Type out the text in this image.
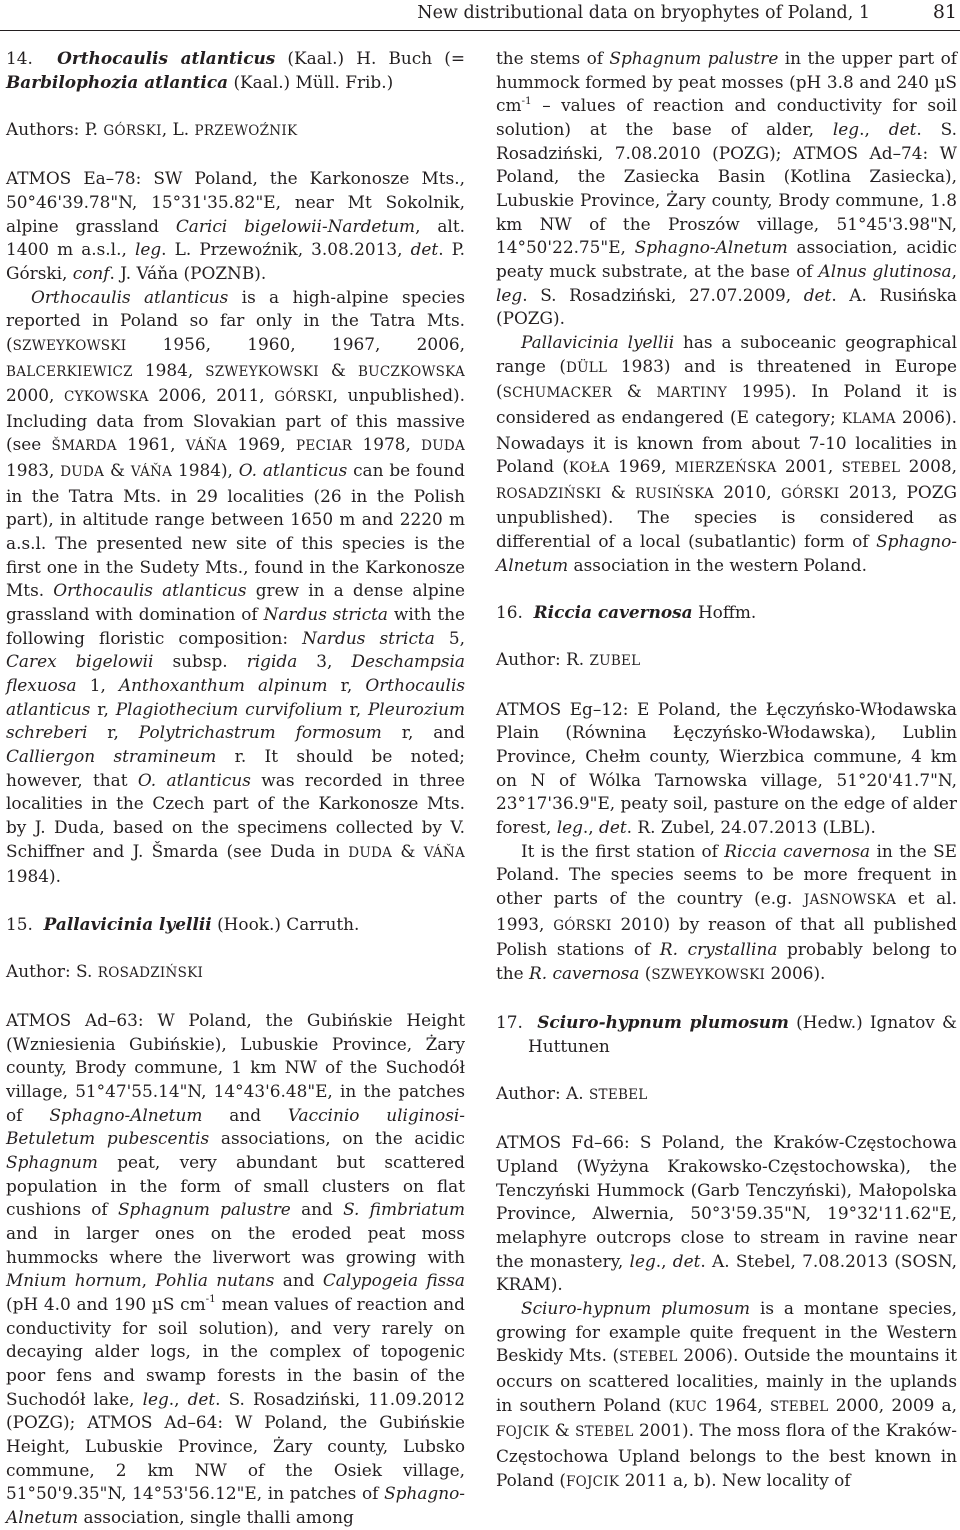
New distributional data on bryophytes of Poland, 1	81

14. Orthocaulis atlanticus (Kaal.) H. Buch (= Barbilophozia atlantica (Kaal.) Müll. Frib.)

Authors: P. GÓRSKI, L. PRZEWOŹNIK

ATMOS Ea–78: SW Poland, the Karkonosze Mts., 50°46'39.78"N, 15°31'35.82"E, near Mt Sokolnik, alpine grassland Carici bigelowii-Nardetum, alt. 1400 m a.s.l., leg. L. Przewoźnik, 3.08.2013, det. P. Górski, conf. J. Váňa (POZNB).

Orthocaulis atlanticus is a high-alpine species reported in Poland so far only in the Tatra Mts. (SZWEYKOWSKI 1956, 1960, 1967, 2006, BALCERKIEWICZ 1984, SZWEYKOWSKI & BUCZKOWSKA 2000, CYKOWSKA 2006, 2011, GÓRSKI, unpublished). Including data from Slovakian part of this massive (see ŠMARDA 1961, VÁŇA 1969, PECIAR 1978, DUDA 1983, DUDA & VÁŇA 1984), O. atlanticus can be found in the Tatra Mts. in 29 localities (26 in the Polish part), in altitude range between 1650 m and 2220 m a.s.l. The presented new site of this species is the first one in the Sudety Mts., found in the Karkonosze Mts. Orthocaulis atlanticus grew in a dense alpine grassland with domination of Nardus stricta with the following floristic composition: Nardus stricta 5, Carex bigelowii subsp. rigida 3, Deschampsia flexuosa 1, Anthoxanthum alpinum r, Orthocaulis atlanticus r, Plagiothecium curvifolium r, Pleurozium schreberi r, Polytrichastrum formosum r, and Calliergon stramineum r. It should be noted; however, that O. atlanticus was recorded in three localities in the Czech part of the Karkonosze Mts. by J. Duda, based on the specimens collected by V. Schiffner and J. Šmarda (see Duda in DUDA & VÁŇA 1984).

15. Pallavicinia lyellii (Hook.) Carruth.

Author: S. ROSADZIŃSKI

ATMOS Ad–63: W Poland, the Gubińskie Height (Wzniesienia Gubińskie), Lubuskie Province, Żary county, Brody commune, 1 km NW of the Suchodół village, 51°47'55.14"N, 14°43'6.48"E, in the patches of Sphagno-Alnetum and Vaccinio uliginosi-Betuletum pubescentis associations, on the acidic Sphagnum peat, very abundant but scattered population in the form of small clusters on flat cushions of Sphagnum palustre and S. fimbriatum and in larger ones on the eroded peat moss hummocks where the liverwort was growing with Mnium hornum, Pohlia nutans and Calypogeia fissa (pH 4.0 and 190 µS $cm^{-1}$ mean values of reaction and conductivity for soil solution), and very rarely on decaying alder logs, in the complex of topogenic poor fens and swamp forests in the basin of the Suchodół lake, leg., det. S. Rosadziński, 11.09.2012 (POZG); ATMOS Ad–64: W Poland, the Gubińskie Height, Lubuskie Province, Żary county, Lubsko commune, 2 km NW of the Osiek village, 51°50'9.35"N, 14°53'56.12"E, in patches of Sphagno-Alnetum association, single thalli among

the stems of Sphagnum palustre in the upper part of hummock formed by peat mosses (pH 3.8 and 240 µS $cm^{-1}$ – values of reaction and conductivity for soil solution) at the base of alder, leg., det. S. Rosadziński, 7.08.2010 (POZG); ATMOS Ad–74: W Poland, the Zasiecka Basin (Kotlina Zasiecka), Lubuskie Province, Żary county, Brody commune, 1.8 km NW of the Proszów village, 51°45'3.98"N, 14°50'22.75"E, Sphagno-Alnetum association, acidic peaty muck substrate, at the base of Alnus glutinosa, leg. S. Rosadziński, 27.07.2009, det. A. Rusińska (POZG).

Pallavicinia lyellii has a suboceanic geographical range (DÜLL 1983) and is threatened in Europe (SCHUMACKER & MARTINY 1995). In Poland it is considered as endangered (E category; KLAMA 2006). Nowadays it is known from about 7-10 localities in Poland (KOŁA 1969, MIERZEŃSKA 2001, STEBEL 2008, ROSADZIŃSKI & RUSIŃSKA 2010, GÓRSKI 2013, POZG unpublished). The species is considered as differential of a local (subatlantic) form of Sphagno-Alnetum association in the western Poland.

16. Riccia cavernosa Hoffm.

Author: R. ZUBEL

ATMOS Eg–12: E Poland, the Łęczyńsko-Włodawska Plain (Równina Łęczyńsko-Włodawska), Lublin Province, Chełm county, Wierzbica commune, 4 km on N of Wólka Tarnowska village, 51°20'41.7"N, 23°17'36.9"E, peaty soil, pasture on the edge of alder forest, leg., det. R. Zubel, 24.07.2013 (LBL).

It is the first station of Riccia cavernosa in the SE Poland. The species seems to be more frequent in other parts of the country (e.g. JASNOWSKA et al. 1993, GÓRSKI 2010) by reason of that all published Polish stations of R. crystallina probably belong to the R. cavernosa (SZWEYKOWSKI 2006).

17. Sciuro-hypnum plumosum (Hedw.) Ignatov & Huttunen

Author: A. STEBEL

ATMOS Fd–66: S Poland, the Kraków-Częstochowa Upland (Wyżyna Krakowsko-Częstochowska), the Tenczyński Hummock (Garb Tenczyński), Małopolska Province, Alwernia, 50°3'59.35"N, 19°32'11.62"E, melaphyre outcrops close to stream in ravine near the monastery, leg., det. A. Stebel, 7.08.2013 (SOSN, KRAM).

Sciuro-hypnum plumosum is a montane species, growing for example quite frequent in the Western Beskidy Mts. (STEBEL 2006). Outside the mountains it occurs on scattered localities, mainly in the uplands in southern Poland (KUC 1964, STEBEL 2000, 2009 a, FOJCIK & STEBEL 2001). The moss flora of the Kraków-Częstochowa Upland belongs to the best known in Poland (FOJCIK 2011 a, b). New locality of
